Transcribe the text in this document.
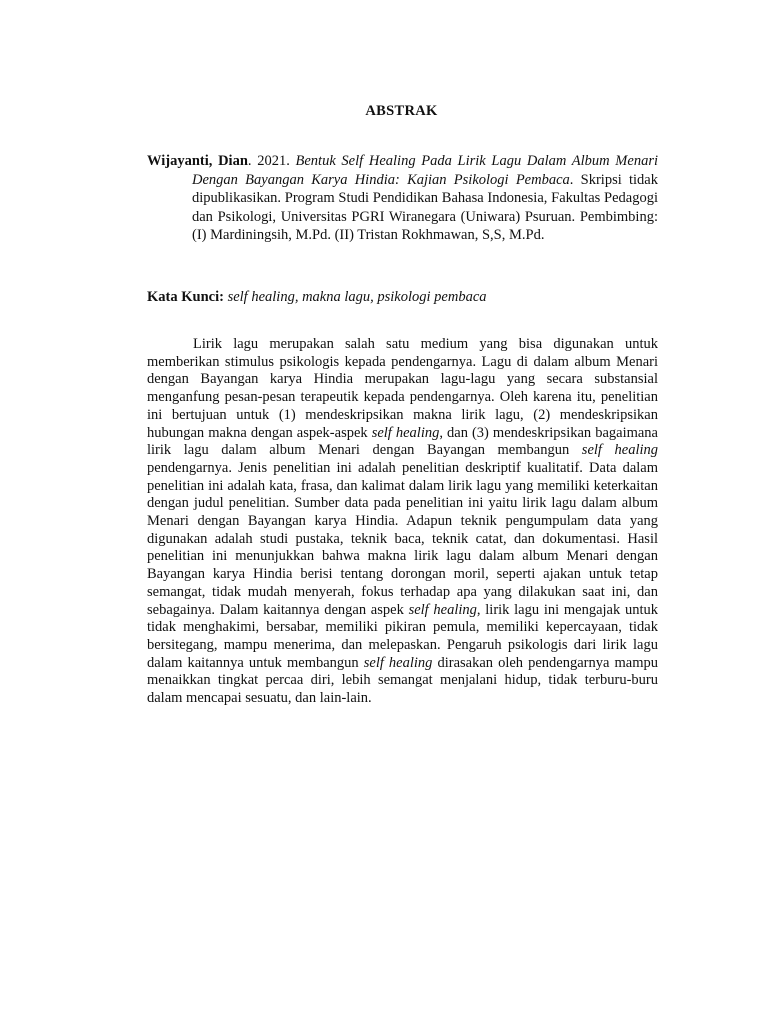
ABSTRAK
Wijayanti, Dian. 2021. Bentuk Self Healing Pada Lirik Lagu Dalam Album Menari Dengan Bayangan Karya Hindia: Kajian Psikologi Pembaca. Skripsi tidak dipublikasikan. Program Studi Pendidikan Bahasa Indonesia, Fakultas Pedagogi dan Psikologi, Universitas PGRI Wiranegara (Uniwara) Psuruan. Pembimbing: (I) Mardiningsih, M.Pd. (II) Tristan Rokhmawan, S,S, M.Pd.
Kata Kunci: self healing, makna lagu, psikologi pembaca

Lirik lagu merupakan salah satu medium yang bisa digunakan untuk memberikan stimulus psikologis kepada pendengarnya. Lagu di dalam album Menari dengan Bayangan karya Hindia merupakan lagu-lagu yang secara substansial menganfung pesan-pesan terapeutik kepada pendengarnya. Oleh karena itu, penelitian ini bertujuan untuk (1) mendeskripsikan makna lirik lagu, (2) mendeskripsikan hubungan makna dengan aspek-aspek self healing, dan (3) mendeskripsikan bagaimana lirik lagu dalam album Menari dengan Bayangan membangun self healing pendengarnya. Jenis penelitian ini adalah penelitian deskriptif kualitatif. Data dalam penelitian ini adalah kata, frasa, dan kalimat dalam lirik lagu yang memiliki keterkaitan dengan judul penelitian. Sumber data pada penelitian ini yaitu lirik lagu dalam album Menari dengan Bayangan karya Hindia. Adapun teknik pengumpulam data yang digunakan adalah studi pustaka, teknik baca, teknik catat, dan dokumentasi. Hasil penelitian ini menunjukkan bahwa makna lirik lagu dalam album Menari dengan Bayangan karya Hindia berisi tentang dorongan moril, seperti ajakan untuk tetap semangat, tidak mudah menyerah, fokus terhadap apa yang dilakukan saat ini, dan sebagainya. Dalam kaitannya dengan aspek self healing, lirik lagu ini mengajak untuk tidak menghakimi, bersabar, memiliki pikiran pemula, memiliki kepercayaan, tidak bersitegang, mampu menerima, dan melepaskan. Pengaruh psikologis dari lirik lagu dalam kaitannya untuk membangun self healing dirasakan oleh pendengarnya mampu menaikkan tingkat percaa diri, lebih semangat menjalani hidup, tidak terburu-buru dalam mencapai sesuatu, dan lain-lain.
